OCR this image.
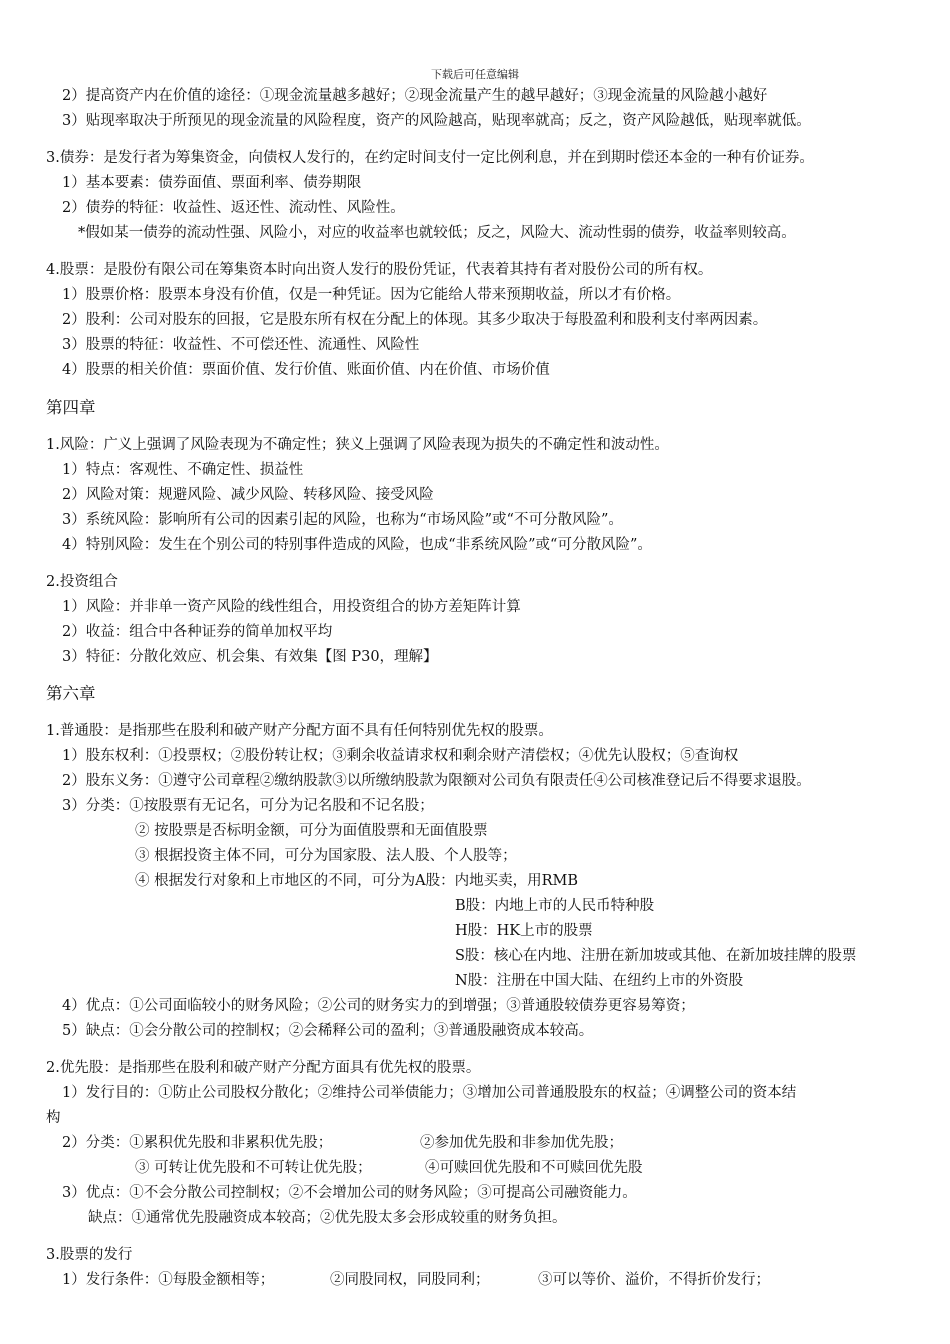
下载后可任意编辑
2）提高资产内在价值的途径：①现金流量越多越好；②现金流量产生的越早越好；③现金流量的风险越小越好
3）贴现率取决于所预见的现金流量的风险程度，资产的风险越高，贴现率就高；反之，资产风险越低，贴现率就低。
3.债券：是发行者为筹集资金，向债权人发行的，在约定时间支付一定比例利息，并在到期时偿还本金的一种有价证券。
1）基本要素：债券面值、票面利率、债券期限
2）债券的特征：收益性、返还性、流动性、风险性。
*假如某一债券的流动性强、风险小，对应的收益率也就较低；反之，风险大、流动性弱的债券，收益率则较高。
4.股票：是股份有限公司在筹集资本时向出资人发行的股份凭证，代表着其持有者对股份公司的所有权。
1）股票价格：股票本身没有价值，仅是一种凭证。因为它能给人带来预期收益，所以才有价格。
2）股利：公司对股东的回报，它是股东所有权在分配上的体现。其多少取决于每股盈利和股利支付率两因素。
3）股票的特征：收益性、不可偿还性、流通性、风险性
4）股票的相关价值：票面价值、发行价值、账面价值、内在价值、市场价值
第四章
1.风险：广义上强调了风险表现为不确定性；狭义上强调了风险表现为损失的不确定性和波动性。
1）特点：客观性、不确定性、损益性
2）风险对策：规避风险、减少风险、转移风险、接受风险
3）系统风险：影响所有公司的因素引起的风险，也称为“市场风险”或“不可分散风险”。
4）特别风险：发生在个别公司的特别事件造成的风险，也成“非系统风险”或“可分散风险”。
2.投资组合
1）风险：并非单一资产风险的线性组合，用投资组合的协方差矩阵计算
2）收益：组合中各种证券的简单加权平均
3）特征：分散化效应、机会集、有效集【图 P30，理解】
第六章
1.普通股：是指那些在股利和破产财产分配方面不具有任何特别优先权的股票。
1）股东权利：①投票权；②股份转让权；③剩余收益请求权和剩余财产清偿权；④优先认股权；⑤查询权
2）股东义务：①遵守公司章程②缴纳股款③以所缴纳股款为限额对公司负有限责任④公司核准登记后不得要求退股。
3）分类：①按股票有无记名，可分为记名股和不记名股；
② 按股票是否标明金额，可分为面值股票和无面值股票
③ 根据投资主体不同，可分为国家股、法人股、个人股等；
④ 根据发行对象和上市地区的不同，可分为A股：内地买卖，用RMB
B股：内地上市的人民币特种股
H股：HK上市的股票
S股：核心在内地、注册在新加坡或其他、在新加坡挂牌的股票
N股：注册在中国大陆、在纽约上市的外资股
4）优点：①公司面临较小的财务风险；②公司的财务实力的到增强；③普通股较债券更容易筹资；
5）缺点：①会分散公司的控制权；②会稀释公司的盈利；③普通股融资成本较高。
2.优先股：是指那些在股利和破产财产分配方面具有优先权的股票。
1）发行目的：①防止公司股权分散化；②维持公司举债能力；③增加公司普通股股东的权益；④调整公司的资本结
构
2）分类：①累积优先股和非累积优先股；	②参加优先股和非参加优先股；
③ 可转让优先股和不可转让优先股；	④可赎回优先股和不可赎回优先股
3）优点：①不会分散公司控制权；②不会增加公司的财务风险；③可提高公司融资能力。
缺点：①通常优先股融资成本较高；②优先股太多会形成较重的财务负担。
3.股票的发行
1）发行条件：①每股金额相等；	②同股同权，同股同利；	③可以等价、溢价，不得折价发行；
